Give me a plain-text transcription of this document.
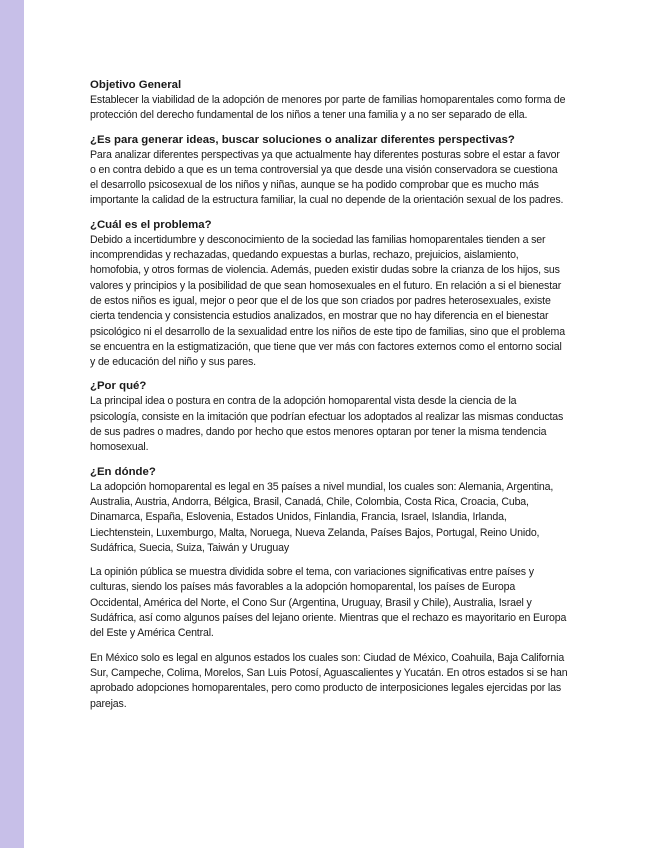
Objetivo General

Establecer la viabilidad de la adopción de menores por parte de familias homoparentales como forma de protección del derecho fundamental de los niños a tener una familia y a no ser separado de ella.

¿Es para generar ideas, buscar soluciones o analizar diferentes perspectivas?

Para analizar diferentes perspectivas ya que actualmente hay diferentes posturas sobre el estar a favor o en contra debido a que es un tema controversial ya que desde una visión conservadora se cuestiona el desarrollo psicosexual de los niños y niñas, aunque se ha podido comprobar que es mucho más importante la calidad de la estructura familiar, la cual no depende de la orientación sexual de los padres.

¿Cuál es el problema?

Debido a incertidumbre y desconocimiento de la sociedad las familias homoparentales tienden a ser incomprendidas y rechazadas, quedando expuestas a burlas, rechazo, prejuicios, aislamiento, homofobia, y otros formas de violencia. Además, pueden existir dudas sobre la crianza de los hijos, sus valores y principios y la posibilidad de que sean homosexuales en el futuro. En relación a si el bienestar de estos niños es igual, mejor o peor que el de los que son criados por padres heterosexuales, existe cierta tendencia y consistencia estudios analizados, en mostrar que no hay diferencia en el bienestar psicológico ni el desarrollo de la sexualidad entre los niños de este tipo de familias, sino que el problema se encuentra en la estigmatización, que tiene que ver más con factores externos como el entorno social y de educación del niño y sus pares.

¿Por qué?

La principal idea o postura en contra de la adopción homoparental vista desde la ciencia de la psicología, consiste en la imitación que podrían efectuar los adoptados al realizar las mismas conductas de sus padres o madres, dando por hecho que estos menores optaran por tener la misma tendencia homosexual.

¿En dónde?

La adopción homoparental es legal en 35 países a nivel mundial, los cuales son: Alemania, Argentina, Australia, Austria, Andorra, Bélgica, Brasil, Canadá, Chile, Colombia, Costa Rica, Croacia, Cuba, Dinamarca, España, Eslovenia, Estados Unidos, Finlandia, Francia, Israel, Islandia, Irlanda, Liechtenstein, Luxemburgo, Malta, Noruega, Nueva Zelanda, Países Bajos, Portugal, Reino Unido, Sudáfrica, Suecia, Suiza, Taiwán y Uruguay

La opinión pública se muestra dividida sobre el tema, con variaciones significativas entre países y culturas, siendo los países más favorables a la adopción homoparental, los países de Europa Occidental, América del Norte, el Cono Sur (Argentina, Uruguay, Brasil y Chile), Australia, Israel y Sudáfrica, así como algunos países del lejano oriente. Mientras que el rechazo es mayoritario en Europa del Este y América Central.

En México solo es legal en algunos estados los cuales son: Ciudad de México, Coahuila, Baja California Sur, Campeche, Colima, Morelos, San Luis Potosí, Aguascalientes y Yucatán. En otros estados si se han aprobado adopciones homoparentales, pero como producto de interposiciones legales ejercidas por las parejas.
